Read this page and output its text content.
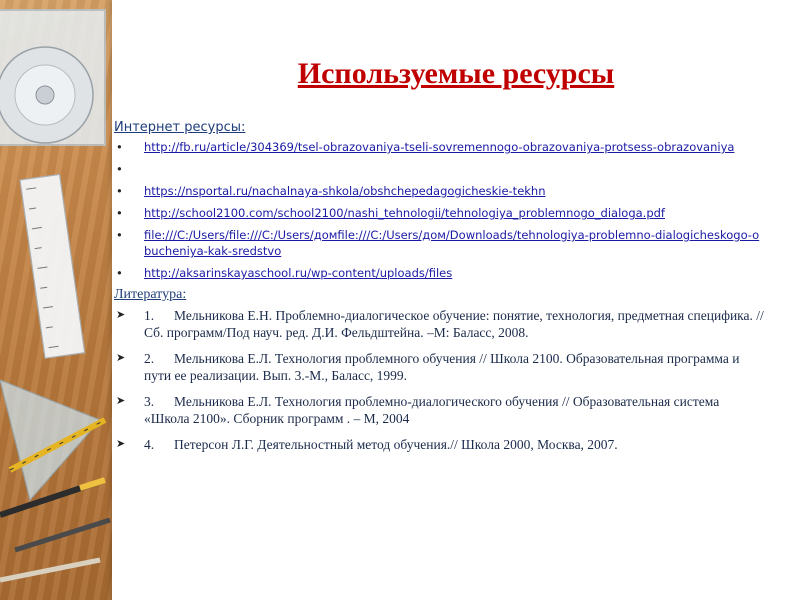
Используемые ресурсы
Интернет ресурсы:
• http://fb.ru/article/304369/tsel-obrazovaniya-tseli-sovremennogo-obrazovaniya-protsess-obrazovaniya
•
• https://nsportal.ru/nachalnaya-shkola/obshchepedagogicheskie-tekhn
• http://school2100.com/school2100/nashi_tehnologii/tehnologiya_problemnogo_dialoga.pdf
• file:///C:/Users/file:///C:/Users/домfile:///C:/Users/дом/Downloads/tehnologiya-problemno-dialogicheskogo-obucheniya-kak-sredstvo
• http://aksarinskayaschool.ru/wp-content/uploads/files
Литература:
➤ 1. Мельникова Е.Н. Проблемно-диалогическое обучение: понятие, технология, предметная специфика. // Сб. программ/Под науч. ред. Д.И. Фельдштейна. –М: Баласс, 2008.
➤ 2. Мельникова Е.Л. Технология проблемного обучения // Школа 2100. Образовательная программа и пути ее реализации. Вып. 3.-М., Баласс, 1999.
➤ 3. Мельникова Е.Л. Технология проблемно-диалогического обучения // Образовательная система «Школа 2100». Сборник программ . – М, 2004
➤ 4. Петерсон Л.Г. Деятельностный метод обучения.// Школа 2000, Москва, 2007.
